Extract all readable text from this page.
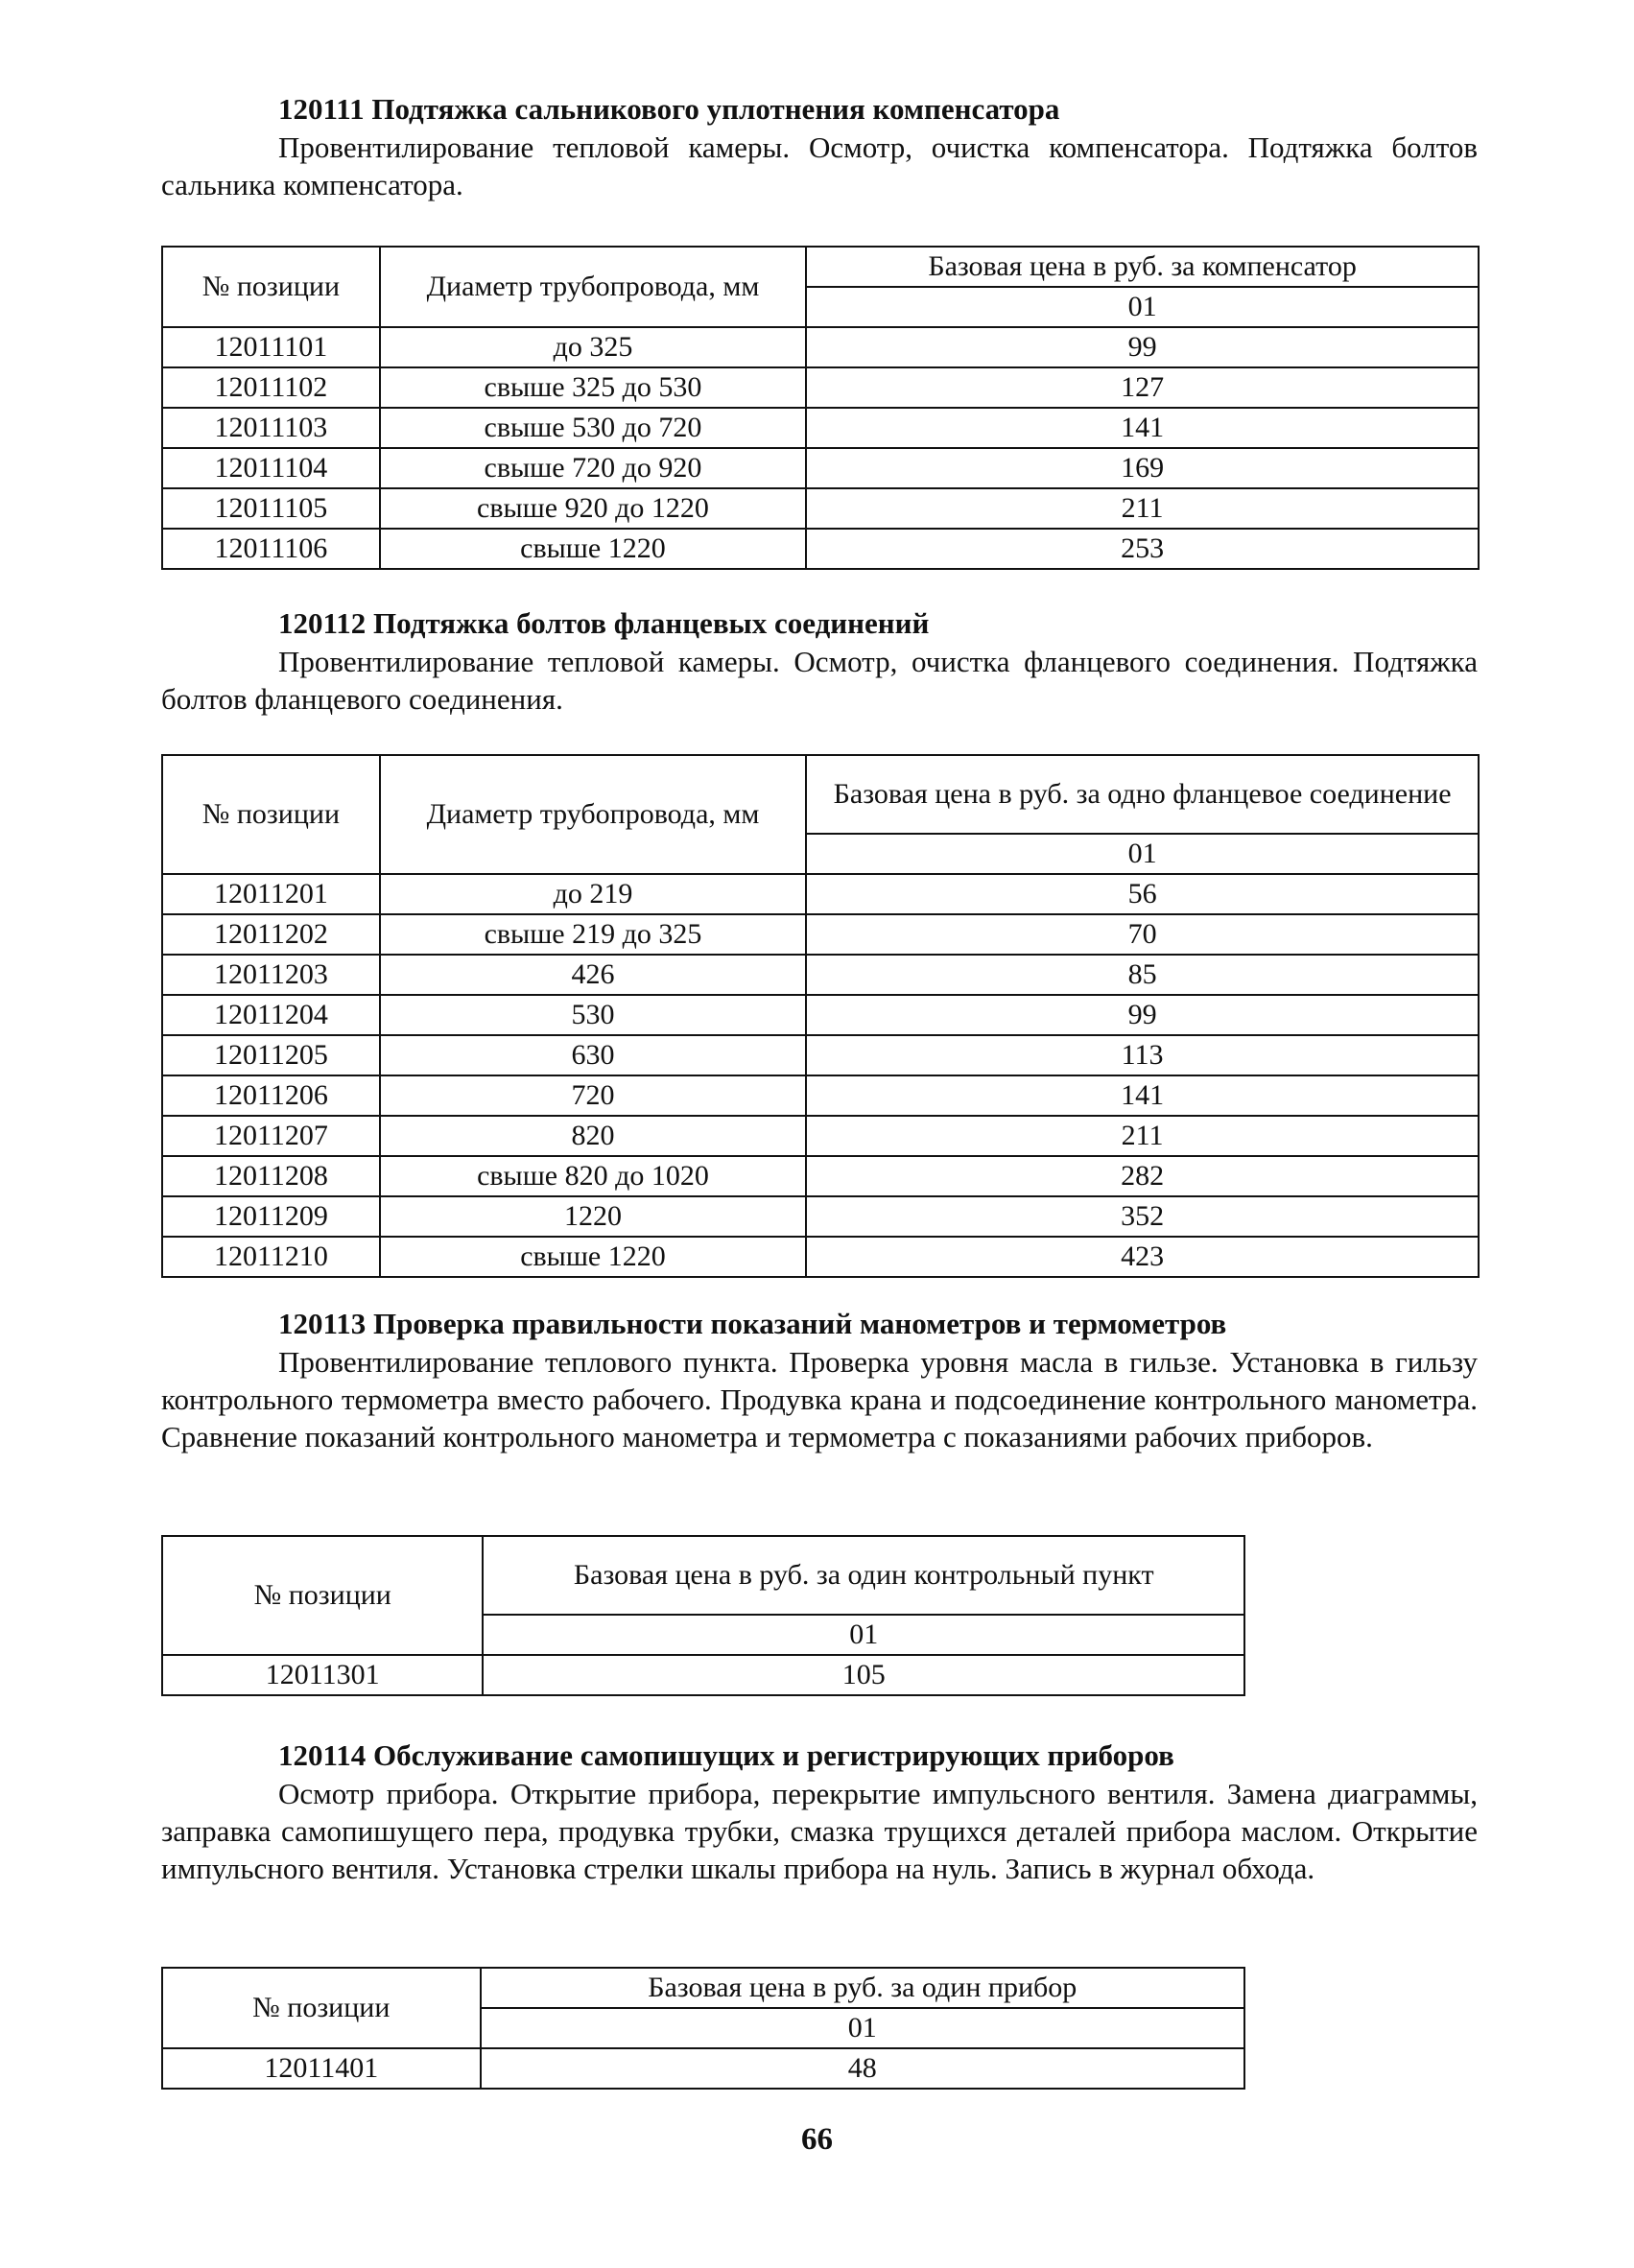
120111 Подтяжка сальникового уплотнения компенсатора

Провентилирование тепловой камеры. Осмотр, очистка компенсатора. Подтяжка болтов сальника компенсатора.

№ позиции	Диаметр трубопровода, мм	Базовая цена в руб. за компенсатор
		01
12011101	до 325	99
12011102	свыше 325 до 530	127
12011103	свыше 530 до 720	141
12011104	свыше 720 до 920	169
12011105	свыше 920 до 1220	211
12011106	свыше 1220	253
120112 Подтяжка болтов фланцевых соединений

Провентилирование тепловой камеры. Осмотр, очистка фланцевого соединения. Подтяжка болтов фланцевого соединения.

№ позиции	Диаметр трубопровода, мм	Базовая цена в руб. за одно фланцевое соединение
		01
12011201	до 219	56
12011202	свыше 219 до 325	70
12011203	426	85
12011204	530	99
12011205	630	113
12011206	720	141
12011207	820	211
12011208	свыше 820 до 1020	282
12011209	1220	352
12011210	свыше 1220	423
120113 Проверка правильности показаний манометров и термометров

Провентилирование теплового пункта. Проверка уровня масла в гильзе. Установка в гильзу контрольного термометра вместо рабочего. Продувка крана и подсоединение контрольного манометра. Сравнение показаний контрольного манометра и термометра с показаниями рабочих приборов.

№ позиции	Базовая цена в руб. за один контрольный пункт
	01
12011301	105
120114 Обслуживание самопишущих и регистрирующих приборов

Осмотр прибора. Открытие прибора, перекрытие импульсного вентиля. Замена диаграммы, заправка самопишущего пера, продувка трубки, смазка трущихся деталей прибора маслом. Открытие импульсного вентиля. Установка стрелки шкалы прибора на нуль. Запись в журнал обхода.

№ позиции	Базовая цена в руб. за один прибор
	01
12011401	48
66
